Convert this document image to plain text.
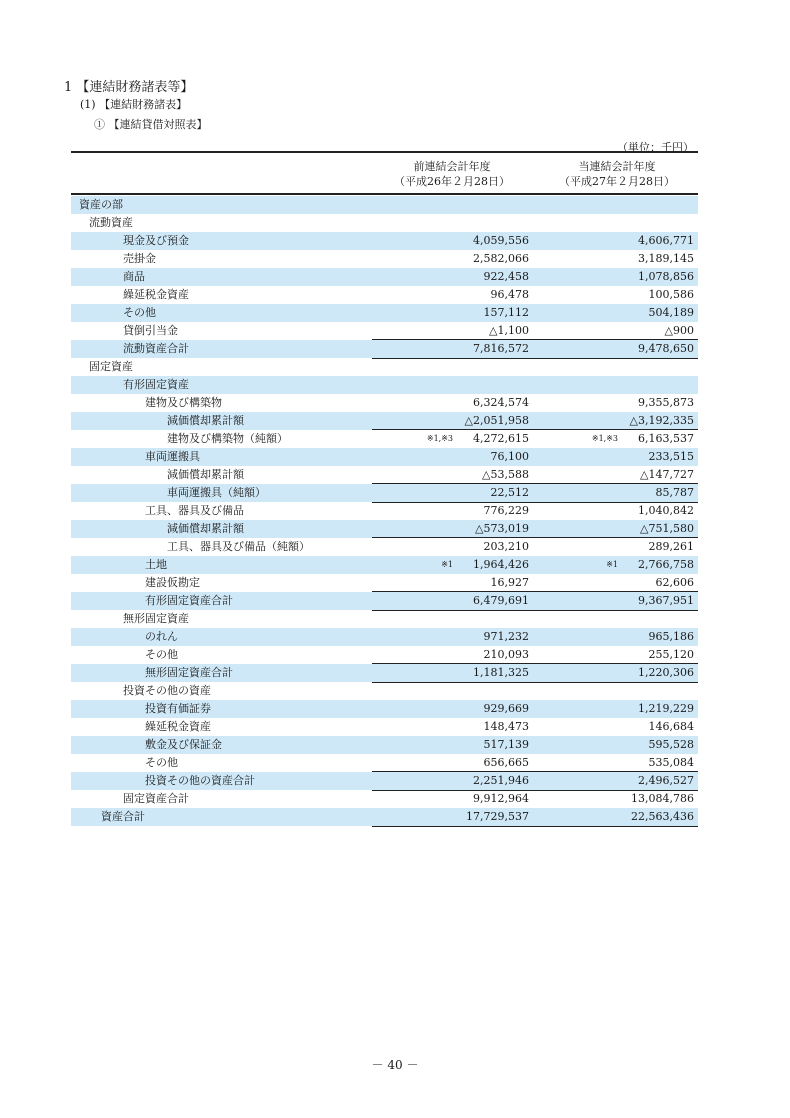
1 【連結財務諸表等】
(1) 【連結財務諸表】
① 【連結貸借対照表】
（単位：千円）
前連結会計年度
（平成26年２月28日）
当連結会計年度
（平成27年２月28日）
資産の部
流動資産
現金及び預金	4,059,556	4,606,771
売掛金	2,582,066	3,189,145
商品	922,458	1,078,856
繰延税金資産	96,478	100,586
その他	157,112	504,189
貸倒引当金	△1,100	△900
流動資産合計	7,816,572	9,478,650
固定資産
有形固定資産
建物及び構築物	6,324,574	9,355,873
減価償却累計額	△2,051,958	△3,192,335
建物及び構築物（純額）	※1,※3 4,272,615	※1,※3 6,163,537
車両運搬具	76,100	233,515
減価償却累計額	△53,588	△147,727
車両運搬具（純額）	22,512	85,787
工具、器具及び備品	776,229	1,040,842
減価償却累計額	△573,019	△751,580
工具、器具及び備品（純額）	203,210	289,261
土地	※1 1,964,426	※1 2,766,758
建設仮勘定	16,927	62,606
有形固定資産合計	6,479,691	9,367,951
無形固定資産
のれん	971,232	965,186
その他	210,093	255,120
無形固定資産合計	1,181,325	1,220,306
投資その他の資産
投資有価証券	929,669	1,219,229
繰延税金資産	148,473	146,684
敷金及び保証金	517,139	595,528
その他	656,665	535,084
投資その他の資産合計	2,251,946	2,496,527
固定資産合計	9,912,964	13,084,786
資産合計	17,729,537	22,563,436
－ 40 －
